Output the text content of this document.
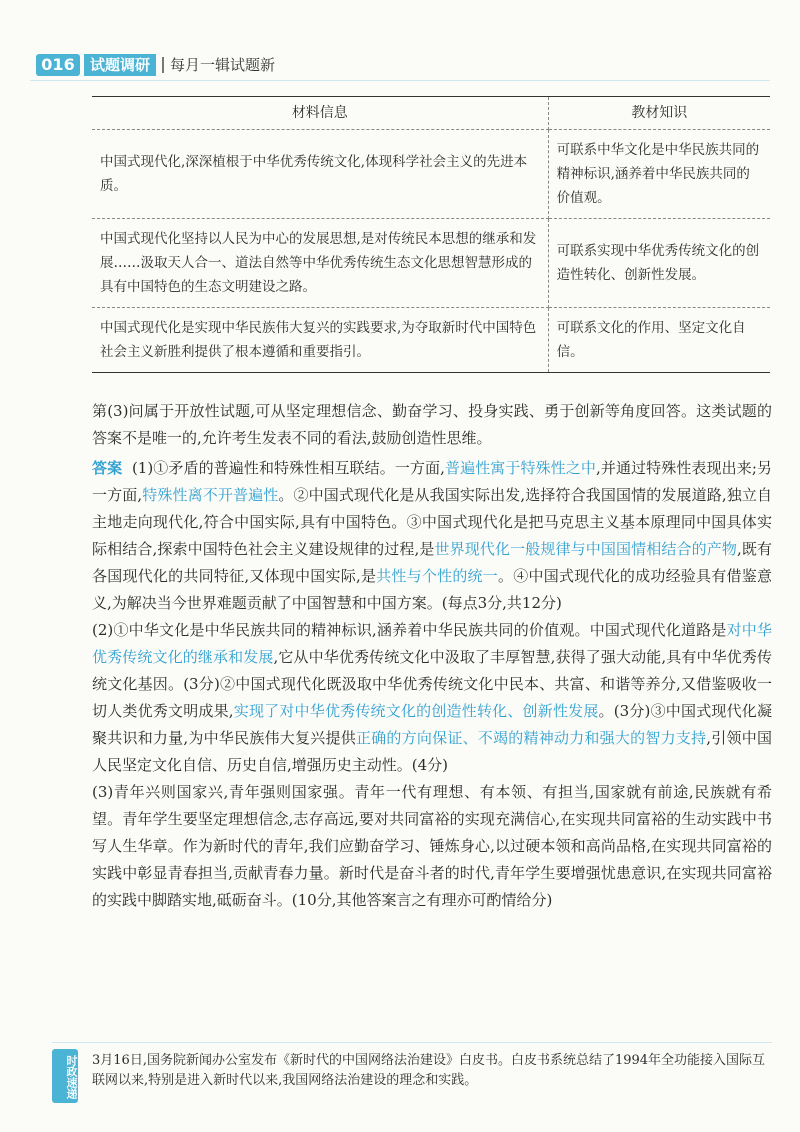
016	试题调研	每月一辑试题新
材料信息	教材知识
中国式现代化,深深植根于中华优秀传统文化,体现科学社会主义的先进本质。	可联系中华文化是中华民族共同的精神标识,涵养着中华民族共同的价值观。
中国式现代化坚持以人民为中心的发展思想,是对传统民本思想的继承和发展……汲取天人合一、道法自然等中华优秀传统生态文化思想智慧形成的具有中国特色的生态文明建设之路。	可联系实现中华优秀传统文化的创造性转化、创新性发展。
中国式现代化是实现中华民族伟大复兴的实践要求,为夺取新时代中国特色社会主义新胜利提供了根本遵循和重要指引。	可联系文化的作用、坚定文化自信。
第(3)问属于开放性试题,可从坚定理想信念、勤奋学习、投身实践、勇于创新等角度回答。这类试题的答案不是唯一的,允许考生发表不同的看法,鼓励创造性思维。
答案 (1)①矛盾的普遍性和特殊性相互联结。一方面,普遍性寓于特殊性之中,并通过特殊性表现出来;另一方面,特殊性离不开普遍性。②中国式现代化是从我国实际出发,选择符合我国国情的发展道路,独立自主地走向现代化,符合中国实际,具有中国特色。③中国式现代化是把马克思主义基本原理同中国具体实际相结合,探索中国特色社会主义建设规律的过程,是世界现代化一般规律与中国国情相结合的产物,既有各国现代化的共同特征,又体现中国实际,是共性与个性的统一。④中国式现代化的成功经验具有借鉴意义,为解决当今世界难题贡献了中国智慧和中国方案。(每点3分,共12分)
(2)①中华文化是中华民族共同的精神标识,涵养着中华民族共同的价值观。中国式现代化道路是对中华优秀传统文化的继承和发展,它从中华优秀传统文化中汲取了丰厚智慧,获得了强大动能,具有中华优秀传统文化基因。(3分)②中国式现代化既汲取中华优秀传统文化中民本、共富、和谐等养分,又借鉴吸收一切人类优秀文明成果,实现了对中华优秀传统文化的创造性转化、创新性发展。(3分)③中国式现代化凝聚共识和力量,为中华民族伟大复兴提供正确的方向保证、不竭的精神动力和强大的智力支持,引领中国人民坚定文化自信、历史自信,增强历史主动性。(4分)
(3)青年兴则国家兴,青年强则国家强。青年一代有理想、有本领、有担当,国家就有前途,民族就有希望。青年学生要坚定理想信念,志存高远,要对共同富裕的实现充满信心,在实现共同富裕的生动实践中书写人生华章。作为新时代的青年,我们应勤奋学习、锤炼身心,以过硬本领和高尚品格,在实现共同富裕的实践中彰显青春担当,贡献青春力量。新时代是奋斗者的时代,青年学生要增强忧患意识,在实现共同富裕的实践中脚踏实地,砥砺奋斗。(10分,其他答案言之有理亦可酌情给分)
时政速递 3月16日,国务院新闻办公室发布《新时代的中国网络法治建设》白皮书。白皮书系统总结了1994年全功能接入国际互联网以来,特别是进入新时代以来,我国网络法治建设的理念和实践。
